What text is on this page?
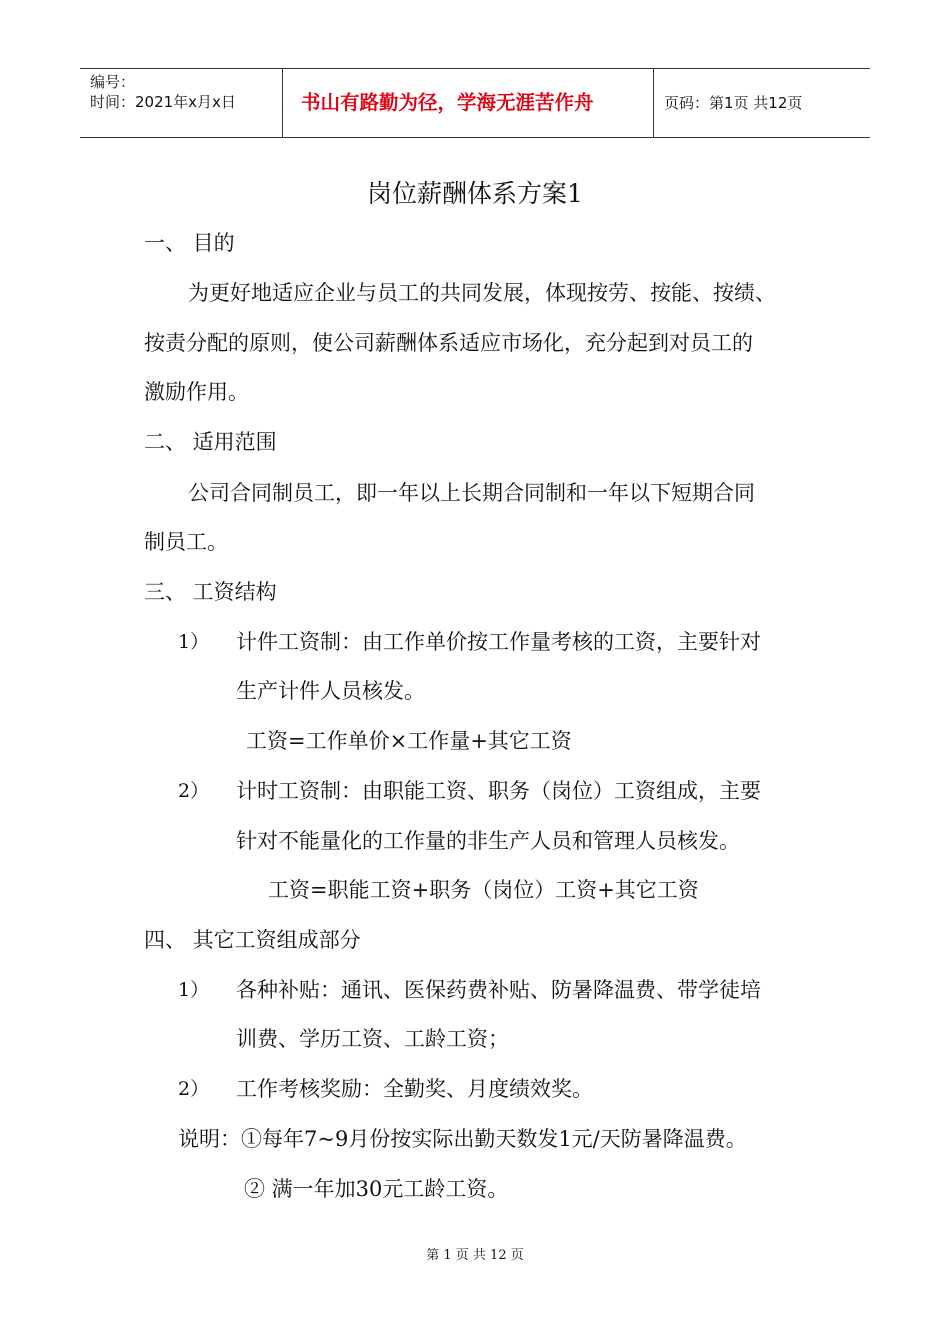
编号：
时间：2021年x月x日	书山有路勤为径，学海无涯苦作舟	页码：第1页 共12页
岗位薪酬体系方案1
一、 目的
为更好地适应企业与员工的共同发展，体现按劳、按能、按绩、
按责分配的原则，使公司薪酬体系适应市场化，充分起到对员工的
激励作用。
二、 适用范围
公司合同制员工，即一年以上长期合同制和一年以下短期合同
制员工。
三、 工资结构
1） 计件工资制：由工作单价按工作量考核的工资，主要针对
生产计件人员核发。
工资=工作单价×工作量+其它工资
2） 计时工资制：由职能工资、职务（岗位）工资组成，主要
针对不能量化的工作量的非生产人员和管理人员核发。
工资=职能工资+职务（岗位）工资+其它工资
四、 其它工资组成部分
1） 各种补贴：通讯、医保药费补贴、防暑降温费、带学徒培
训费、学历工资、工龄工资；
2） 工作考核奖励：全勤奖、月度绩效奖。
说明：①每年7~9月份按实际出勤天数发1元/天防暑降温费。
② 满一年加30元工龄工资。
第 1 页 共 12 页
